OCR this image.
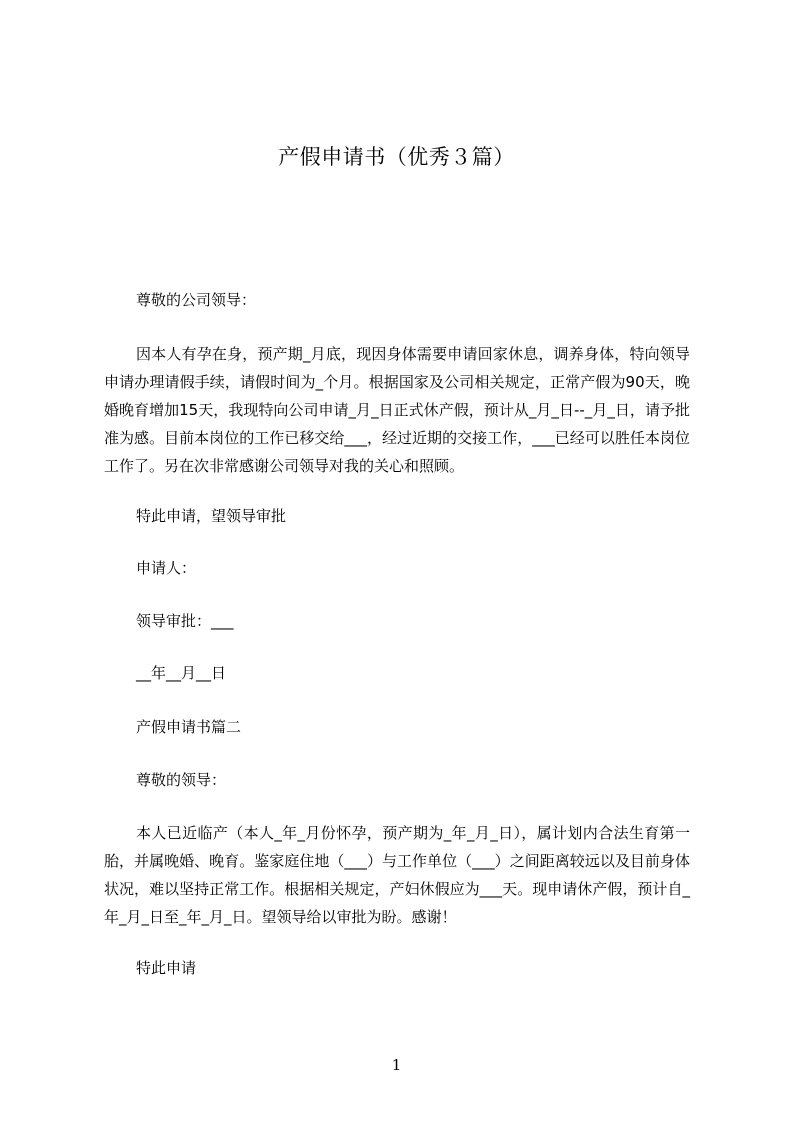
产假申请书（优秀３篇）
尊敬的公司领导：

因本人有孕在身，预产期_月底，现因身体需要申请回家休息，调养身体，特向领导申请办理请假手续，请假时间为_个月。根据国家及公司相关规定，正常产假为90天，晚婚晚育增加15天，我现特向公司申请_月_日正式休产假，预计从_月_日--_月_日，请予批准为感。目前本岗位的工作已移交给___，经过近期的交接工作，___已经可以胜任本岗位工作了。另在次非常感谢公司领导对我的关心和照顾。

特此申请，望领导审批
申请人：
领导审批：___
__年__月__日
产假申请书篇二
尊敬的领导：

本人已近临产（本人_年_月份怀孕，预产期为_年_月_日），属计划内合法生育第一胎，并属晚婚、晚育。鉴家庭住地（___）与工作单位（___）之间距离较远以及目前身体状况，难以坚持正常工作。根据相关规定，产妇休假应为___天。现申请休产假，预计自_年_月_日至_年_月_日。望领导给以审批为盼。感谢！

特此申请
1
